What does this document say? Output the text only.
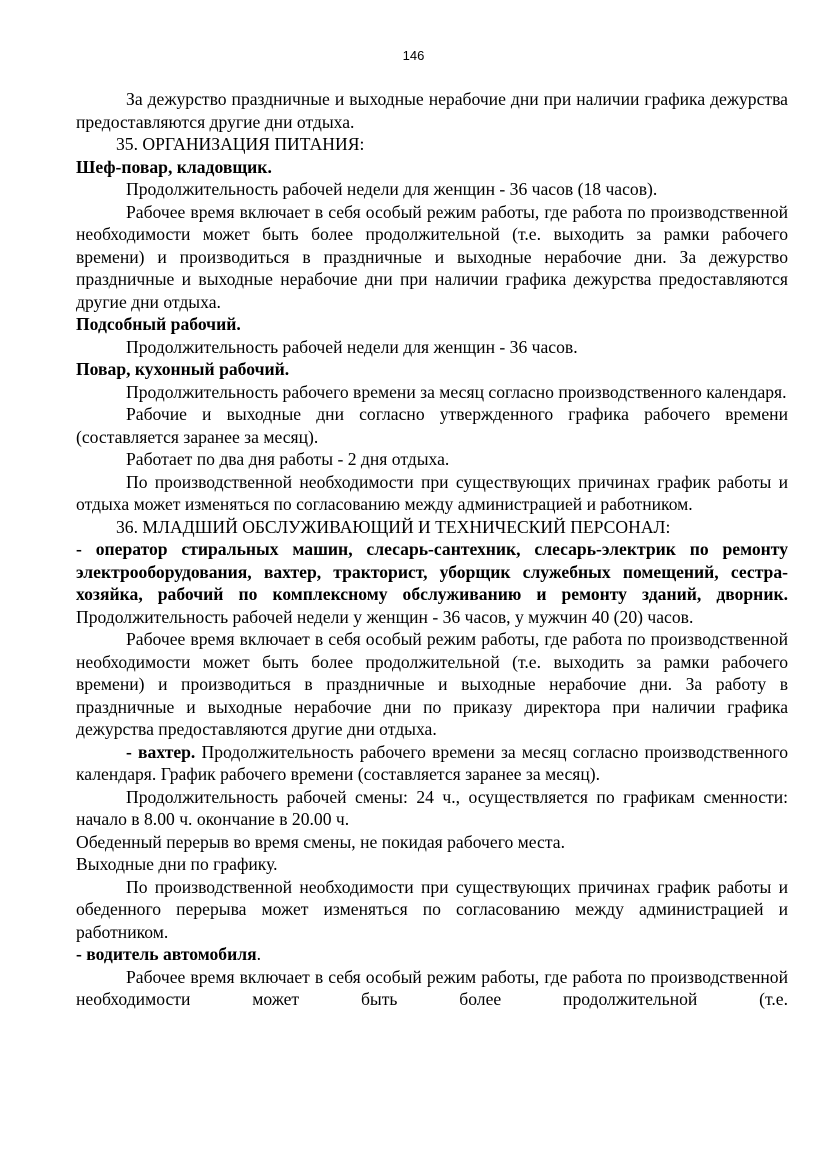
146

За дежурство праздничные и выходные нерабочие дни при наличии графика дежурства предоставляются другие дни отдыха.

35. ОРГАНИЗАЦИЯ ПИТАНИЯ:

Шеф-повар, кладовщик.

Продолжительность рабочей недели для женщин - 36 часов (18 часов).

Рабочее время включает в себя особый режим работы, где работа по производственной необходимости может быть более продолжительной (т.е. выходить за рамки рабочего времени) и производиться в праздничные и выходные нерабочие дни. За дежурство праздничные и выходные нерабочие дни при наличии графика дежурства предоставляются другие дни отдыха.

Подсобный рабочий.

Продолжительность рабочей недели для женщин - 36 часов.

Повар, кухонный рабочий.

Продолжительность рабочего времени за месяц согласно производственного календаря.

Рабочие и выходные дни согласно утвержденного графика рабочего времени (составляется заранее за месяц).

Работает по два дня работы - 2 дня отдыха.

По производственной необходимости при существующих причинах график работы и отдыха может изменяться по согласованию между администрацией и работником.

36. МЛАДШИЙ ОБСЛУЖИВАЮЩИЙ И ТЕХНИЧЕСКИЙ ПЕРСОНАЛ:

- оператор стиральных машин, слесарь-сантехник, слесарь-электрик по ремонту электрооборудования, вахтер, тракторист, уборщик служебных помещений, сестра-хозяйка, рабочий по комплексному обслуживанию и ремонту зданий, дворник. Продолжительность рабочей недели у женщин - 36 часов, у мужчин 40 (20) часов.

Рабочее время включает в себя особый режим работы, где работа по производственной необходимости может быть более продолжительной (т.е. выходить за рамки рабочего времени) и производиться в праздничные и выходные нерабочие дни. За работу в праздничные и выходные нерабочие дни по приказу директора при наличии графика дежурства предоставляются другие дни отдыха.

- вахтер. Продолжительность рабочего времени за месяц согласно производственного календаря. График рабочего времени (составляется заранее за месяц).

Продолжительность рабочей смены: 24 ч., осуществляется по графикам сменности: начало в 8.00 ч. окончание в 20.00 ч.

Обеденный перерыв во время смены, не покидая рабочего места.

Выходные дни по графику.

По производственной необходимости при существующих причинах график работы и обеденного перерыва может изменяться по согласованию между администрацией и работником.

- водитель автомобиля.

Рабочее время включает в себя особый режим работы, где работа по производственной необходимости может быть более продолжительной (т.е.
